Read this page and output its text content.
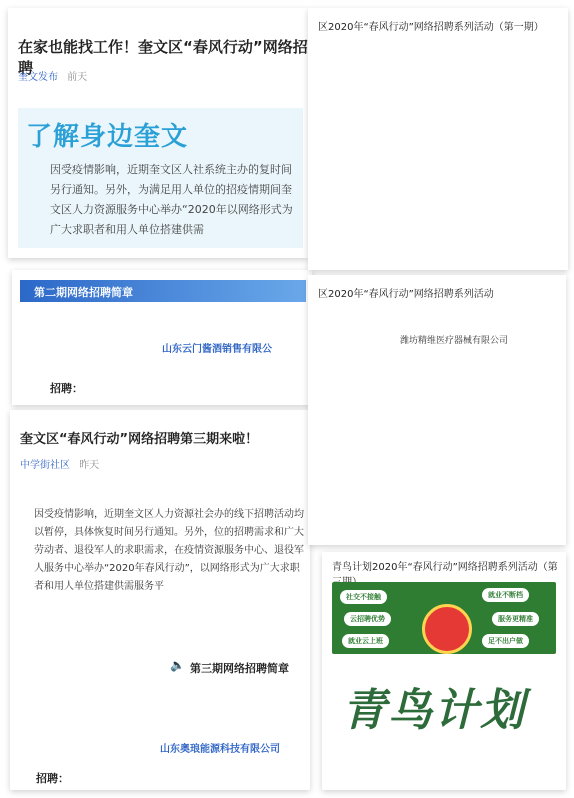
在家也能找工作！奎文区“春风行动”网络招聘
奎文发布 前天
了解身边奎文
因受疫情影响，近期奎文区人社系统主办的复时间另行通知。另外，为满足用人单位的招疫情期间奎文区人力资源服务中心举办“2020年以网络形式为广大求职者和用人单位搭建供需
第二期网络招聘简章
山东云门酱酒销售有限公
招聘：
奎文区“春风行动”网络招聘第三期来啦！
中学街社区 昨天
因受疫情影响，近期奎文区人力资源社会办的线下招聘活动均以暂停，具体恢复时间另行通知。另外，位的招聘需求和广大劳动者、退役军人的求职需求，在疫情资源服务中心、退役军人服务中心举办“2020年春风行动”，以网络形式为广大求职者和用人单位搭建供需服务平
🔈 第三期网络招聘简章
山东奥琅能源科技有限公司
招聘：
区2020年“春风行动”网络招聘系列活动（第一期）
区2020年“春风行动”网络招聘系列活动
潍坊精维医疗器械有限公司
青鸟计划2020年“春风行动”网络招聘系列活动（第
社交不接触	就业不断档
云招聘优势	服务更精准
就业云上班	足不出户做
青鸟计划
